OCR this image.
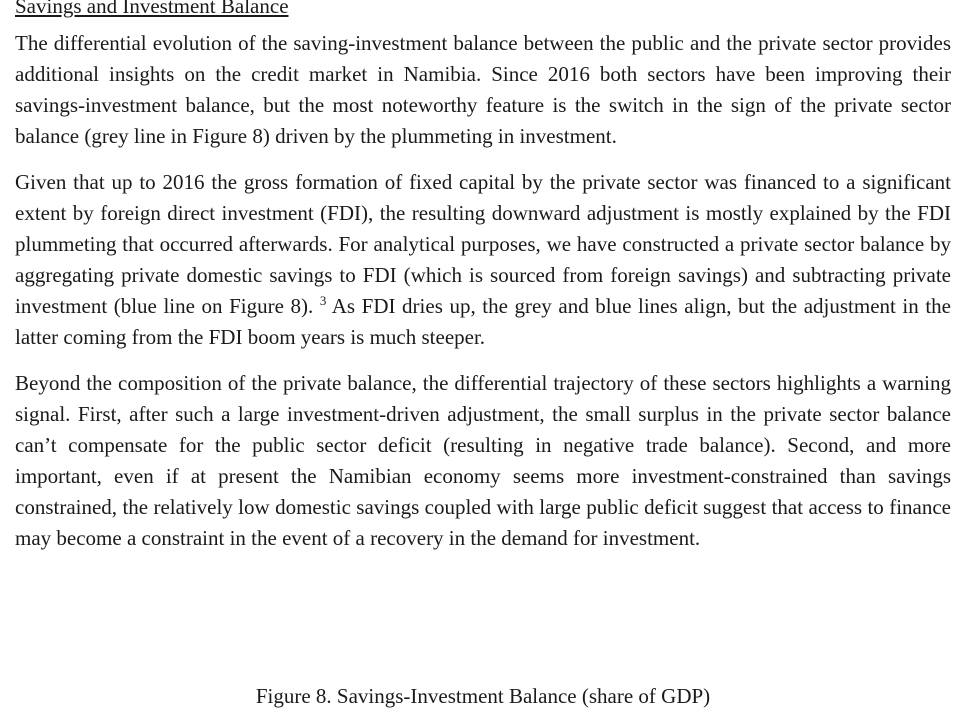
Savings and Investment Balance

The differential evolution of the saving-investment balance between the public and the private sector provides additional insights on the credit market in Namibia. Since 2016 both sectors have been improving their savings-investment balance, but the most noteworthy feature is the switch in the sign of the private sector balance (grey line in Figure 8) driven by the plummeting in investment.

Given that up to 2016 the gross formation of fixed capital by the private sector was financed to a significant extent by foreign direct investment (FDI), the resulting downward adjustment is mostly explained by the FDI plummeting that occurred afterwards. For analytical purposes, we have constructed a private sector balance by aggregating private domestic savings to FDI (which is sourced from foreign savings) and subtracting private investment (blue line on Figure 8). $^3$ As FDI dries up, the grey and blue lines align, but the adjustment in the latter coming from the FDI boom years is much steeper.

Beyond the composition of the private balance, the differential trajectory of these sectors highlights a warning signal. First, after such a large investment-driven adjustment, the small surplus in the private sector balance can’t compensate for the public sector deficit (resulting in negative trade balance). Second, and more important, even if at present the Namibian economy seems more investment-constrained than savings constrained, the relatively low domestic savings coupled with large public deficit suggest that access to finance may become a constraint in the event of a recovery in the demand for investment.

Figure 8. Savings-Investment Balance (share of GDP)
